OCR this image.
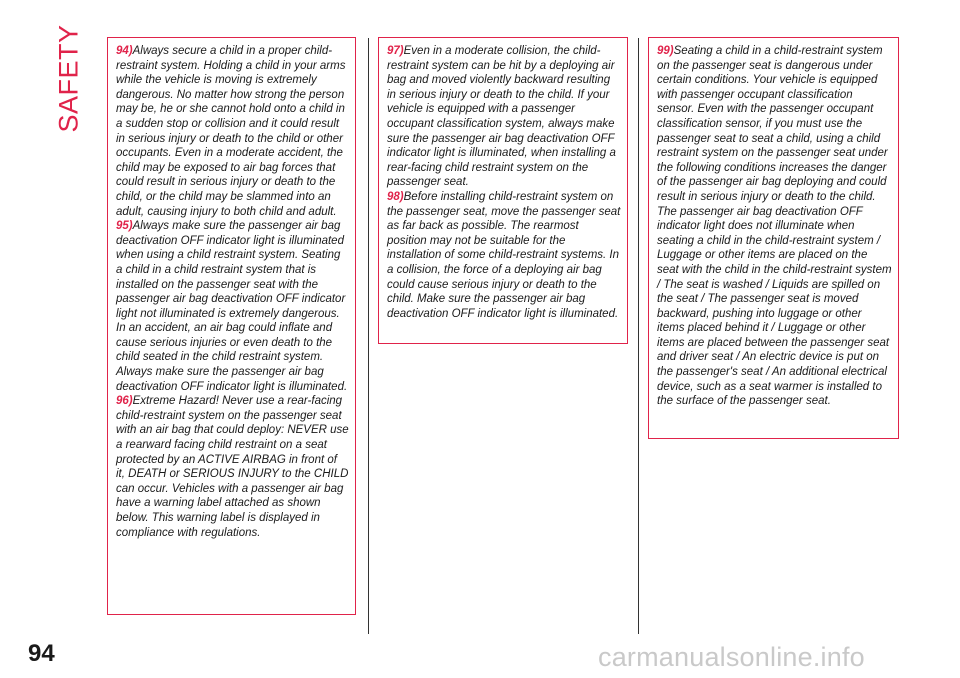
SAFETY	94)Always secure a child in a proper child-restraint system. Holding a child in your arms while the vehicle is moving is extremely dangerous. No matter how strong the person may be, he or she cannot hold onto a child in a sudden stop or collision and it could result in serious injury or death to the child or other occupants. Even in a moderate accident, the child may be exposed to air bag forces that could result in serious injury or death to the child, or the child may be slammed into an adult, causing injury to both child and adult.

95)Always make sure the passenger air bag deactivation OFF indicator light is illuminated when using a child restraint system. Seating a child in a child restraint system that is installed on the passenger seat with the passenger air bag deactivation OFF indicator light not illuminated is extremely dangerous. In an accident, an air bag could inflate and cause serious injuries or even death to the child seated in the child restraint system. Always make sure the passenger air bag deactivation OFF indicator light is illuminated.

96)Extreme Hazard! Never use a rear-facing child-restraint system on the passenger seat with an air bag that could deploy: NEVER use a rearward facing child restraint on a seat protected by an ACTIVE AIRBAG in front of it, DEATH or SERIOUS INJURY to the CHILD can occur. Vehicles with a passenger air bag have a warning label attached as shown below. This warning label is displayed in compliance with regulations.

97)Even in a moderate collision, the child-restraint system can be hit by a deploying air bag and moved violently backward resulting in serious injury or death to the child. If your vehicle is equipped with a passenger occupant classification system, always make sure the passenger air bag deactivation OFF indicator light is illuminated, when installing a rear-facing child restraint system on the passenger seat.

98)Before installing child-restraint system on the passenger seat, move the passenger seat as far back as possible. The rearmost position may not be suitable for the installation of some child-restraint systems. In a collision, the force of a deploying air bag could cause serious injury or death to the child. Make sure the passenger air bag deactivation OFF indicator light is illuminated.

99)Seating a child in a child-restraint system on the passenger seat is dangerous under certain conditions. Your vehicle is equipped with passenger occupant classification sensor. Even with the passenger occupant classification sensor, if you must use the passenger seat to seat a child, using a child restraint system on the passenger seat under the following conditions increases the danger of the passenger air bag deploying and could result in serious injury or death to the child. The passenger air bag deactivation OFF indicator light does not illuminate when seating a child in the child-restraint system / Luggage or other items are placed on the seat with the child in the child-restraint system / The seat is washed / Liquids are spilled on the seat / The passenger seat is moved backward, pushing into luggage or other items placed behind it / Luggage or other items are placed between the passenger seat and driver seat / An electric device is put on the passenger's seat / An additional electrical device, such as a seat warmer is installed to the surface of the passenger seat.

94	carmanualsonline.info
